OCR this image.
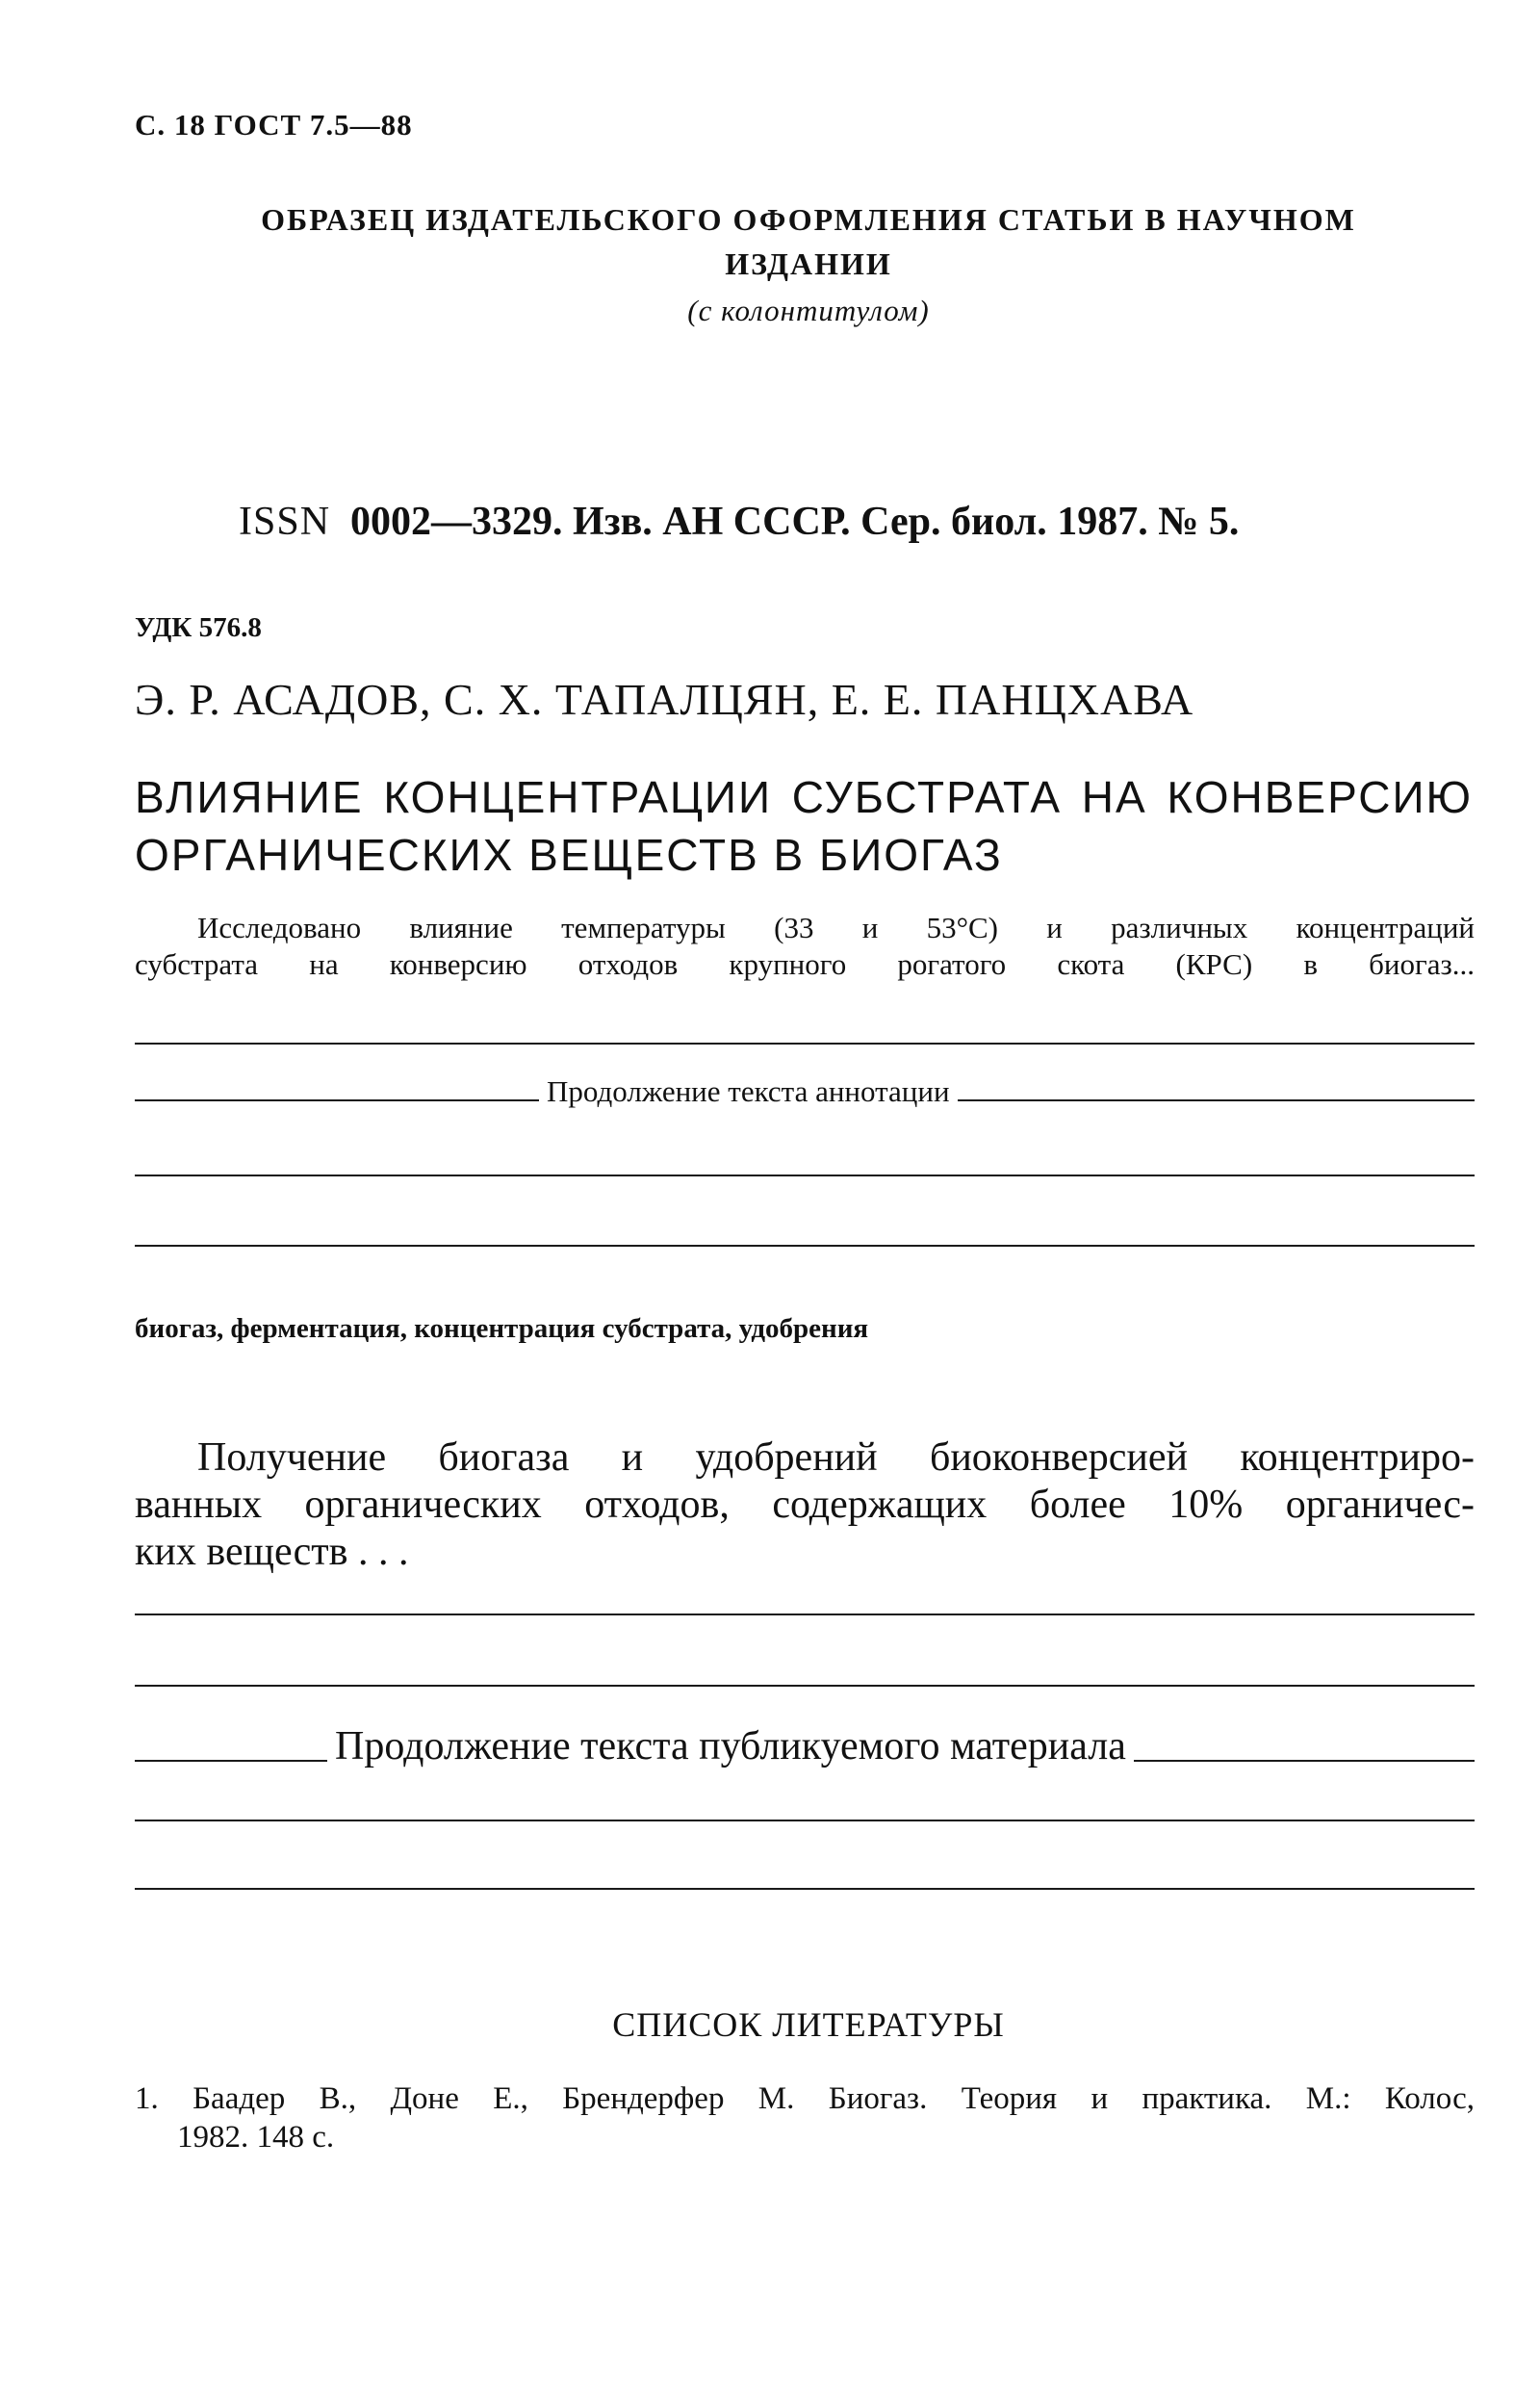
С. 18 ГОСТ 7.5—88
ОБРАЗЕЦ ИЗДАТЕЛЬСКОГО ОФОРМЛЕНИЯ СТАТЬИ В НАУЧНОМ
ИЗДАНИИ
(с колонтитулом)
ISSN 0002—3329. Изв. АН СССР. Сер. биол. 1987. № 5.
УДК 576.8
Э. Р. АСАДОВ, С. Х. ТАПАЛЦЯН, Е. Е. ПАНЦХАВА
ВЛИЯНИЕ КОНЦЕНТРАЦИИ СУБСТРАТА НА КОНВЕРСИЮ
ОРГАНИЧЕСКИХ ВЕЩЕСТВ В БИОГАЗ
Исследовано влияние температуры (33 и 53°С) и различных концентраций
субстрата на конверсию отходов крупного рогатого скота (КРС) в биогаз...
Продолжение текста аннотации
биогаз, ферментация, концентрация субстрата, удобрения
Получение биогаза и удобрений биоконверсией концентриро-
ванных органических отходов, содержащих более 10% органичес-
ких веществ . . .
Продолжение текста публикуемого материала
СПИСОК ЛИТЕРАТУРЫ
1. Баадер В., Доне Е., Брендерфер М. Биогаз. Теория и практика. М.: Колос,
1982. 148 с.
